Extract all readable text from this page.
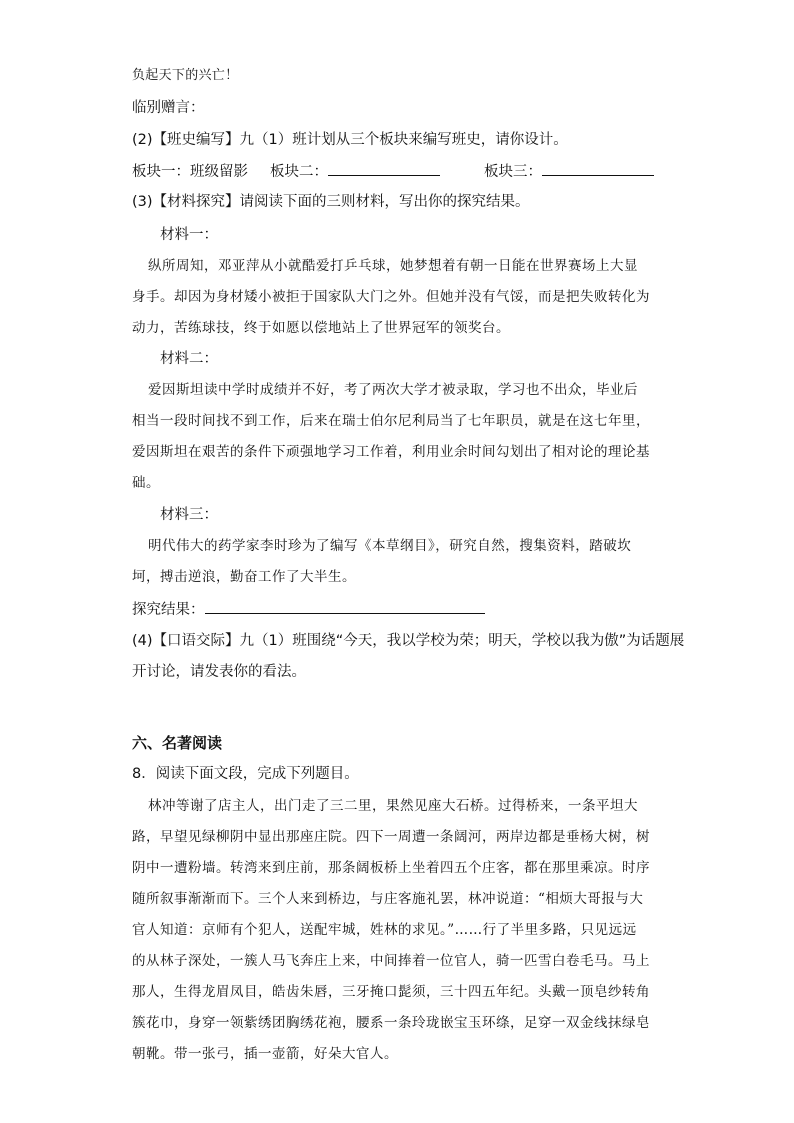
负起天下的兴亡！
临别赠言：
(2)【班史编写】九（1）班计划从三个板块来编写班史，请你设计。
板块一：班级留影 板块二：	板块三：
(3)【材料探究】请阅读下面的三则材料，写出你的探究结果。
材料一：
纵所周知，邓亚萍从小就酷爱打乒乓球，她梦想着有朝一日能在世界赛场上大显
身手。却因为身材矮小被拒于国家队大门之外。但她并没有气馁，而是把失败转化为
动力，苦练球技，终于如愿以偿地站上了世界冠军的领奖台。
材料二：
爱因斯坦读中学时成绩并不好，考了两次大学才被录取，学习也不出众，毕业后
相当一段时间找不到工作，后来在瑞士伯尔尼利局当了七年职员，就是在这七年里，
爱因斯坦在艰苦的条件下顽强地学习工作着，利用业余时间勾划出了相对论的理论基
础。
材料三：
明代伟大的药学家李时珍为了编写《本草纲目》，研究自然，搜集资料，踏破坎
坷，搏击逆浪，勤奋工作了大半生。
探究结果：
(4)【口语交际】九（1）班围绕“今天，我以学校为荣；明天，学校以我为傲”为话题展
开讨论，请发表你的看法。
六、名著阅读
8．阅读下面文段，完成下列题目。
林冲等谢了店主人，出门走了三二里，果然见座大石桥。过得桥来，一条平坦大
路，早望见绿柳阴中显出那座庄院。四下一周遭一条阔河，两岸边都是垂杨大树，树
阴中一遭粉墙。转湾来到庄前，那条阔板桥上坐着四五个庄客，都在那里乘凉。时序
随所叙事渐渐而下。三个人来到桥边，与庄客施礼罢，林冲说道：“相烦大哥报与大
官人知道：京师有个犯人，送配牢城，姓林的求见。”……行了半里多路，只见远远
的从林子深处，一簇人马飞奔庄上来，中间捧着一位官人，骑一匹雪白卷毛马。马上
那人，生得龙眉凤目，皓齿朱唇，三牙掩口髭须，三十四五年纪。头戴一顶皂纱转角
簇花巾，身穿一领紫绣团胸绣花袍，腰系一条玲珑嵌宝玉环绦，足穿一双金线抹绿皂
朝靴。带一张弓，插一壶箭，好朵大官人。
